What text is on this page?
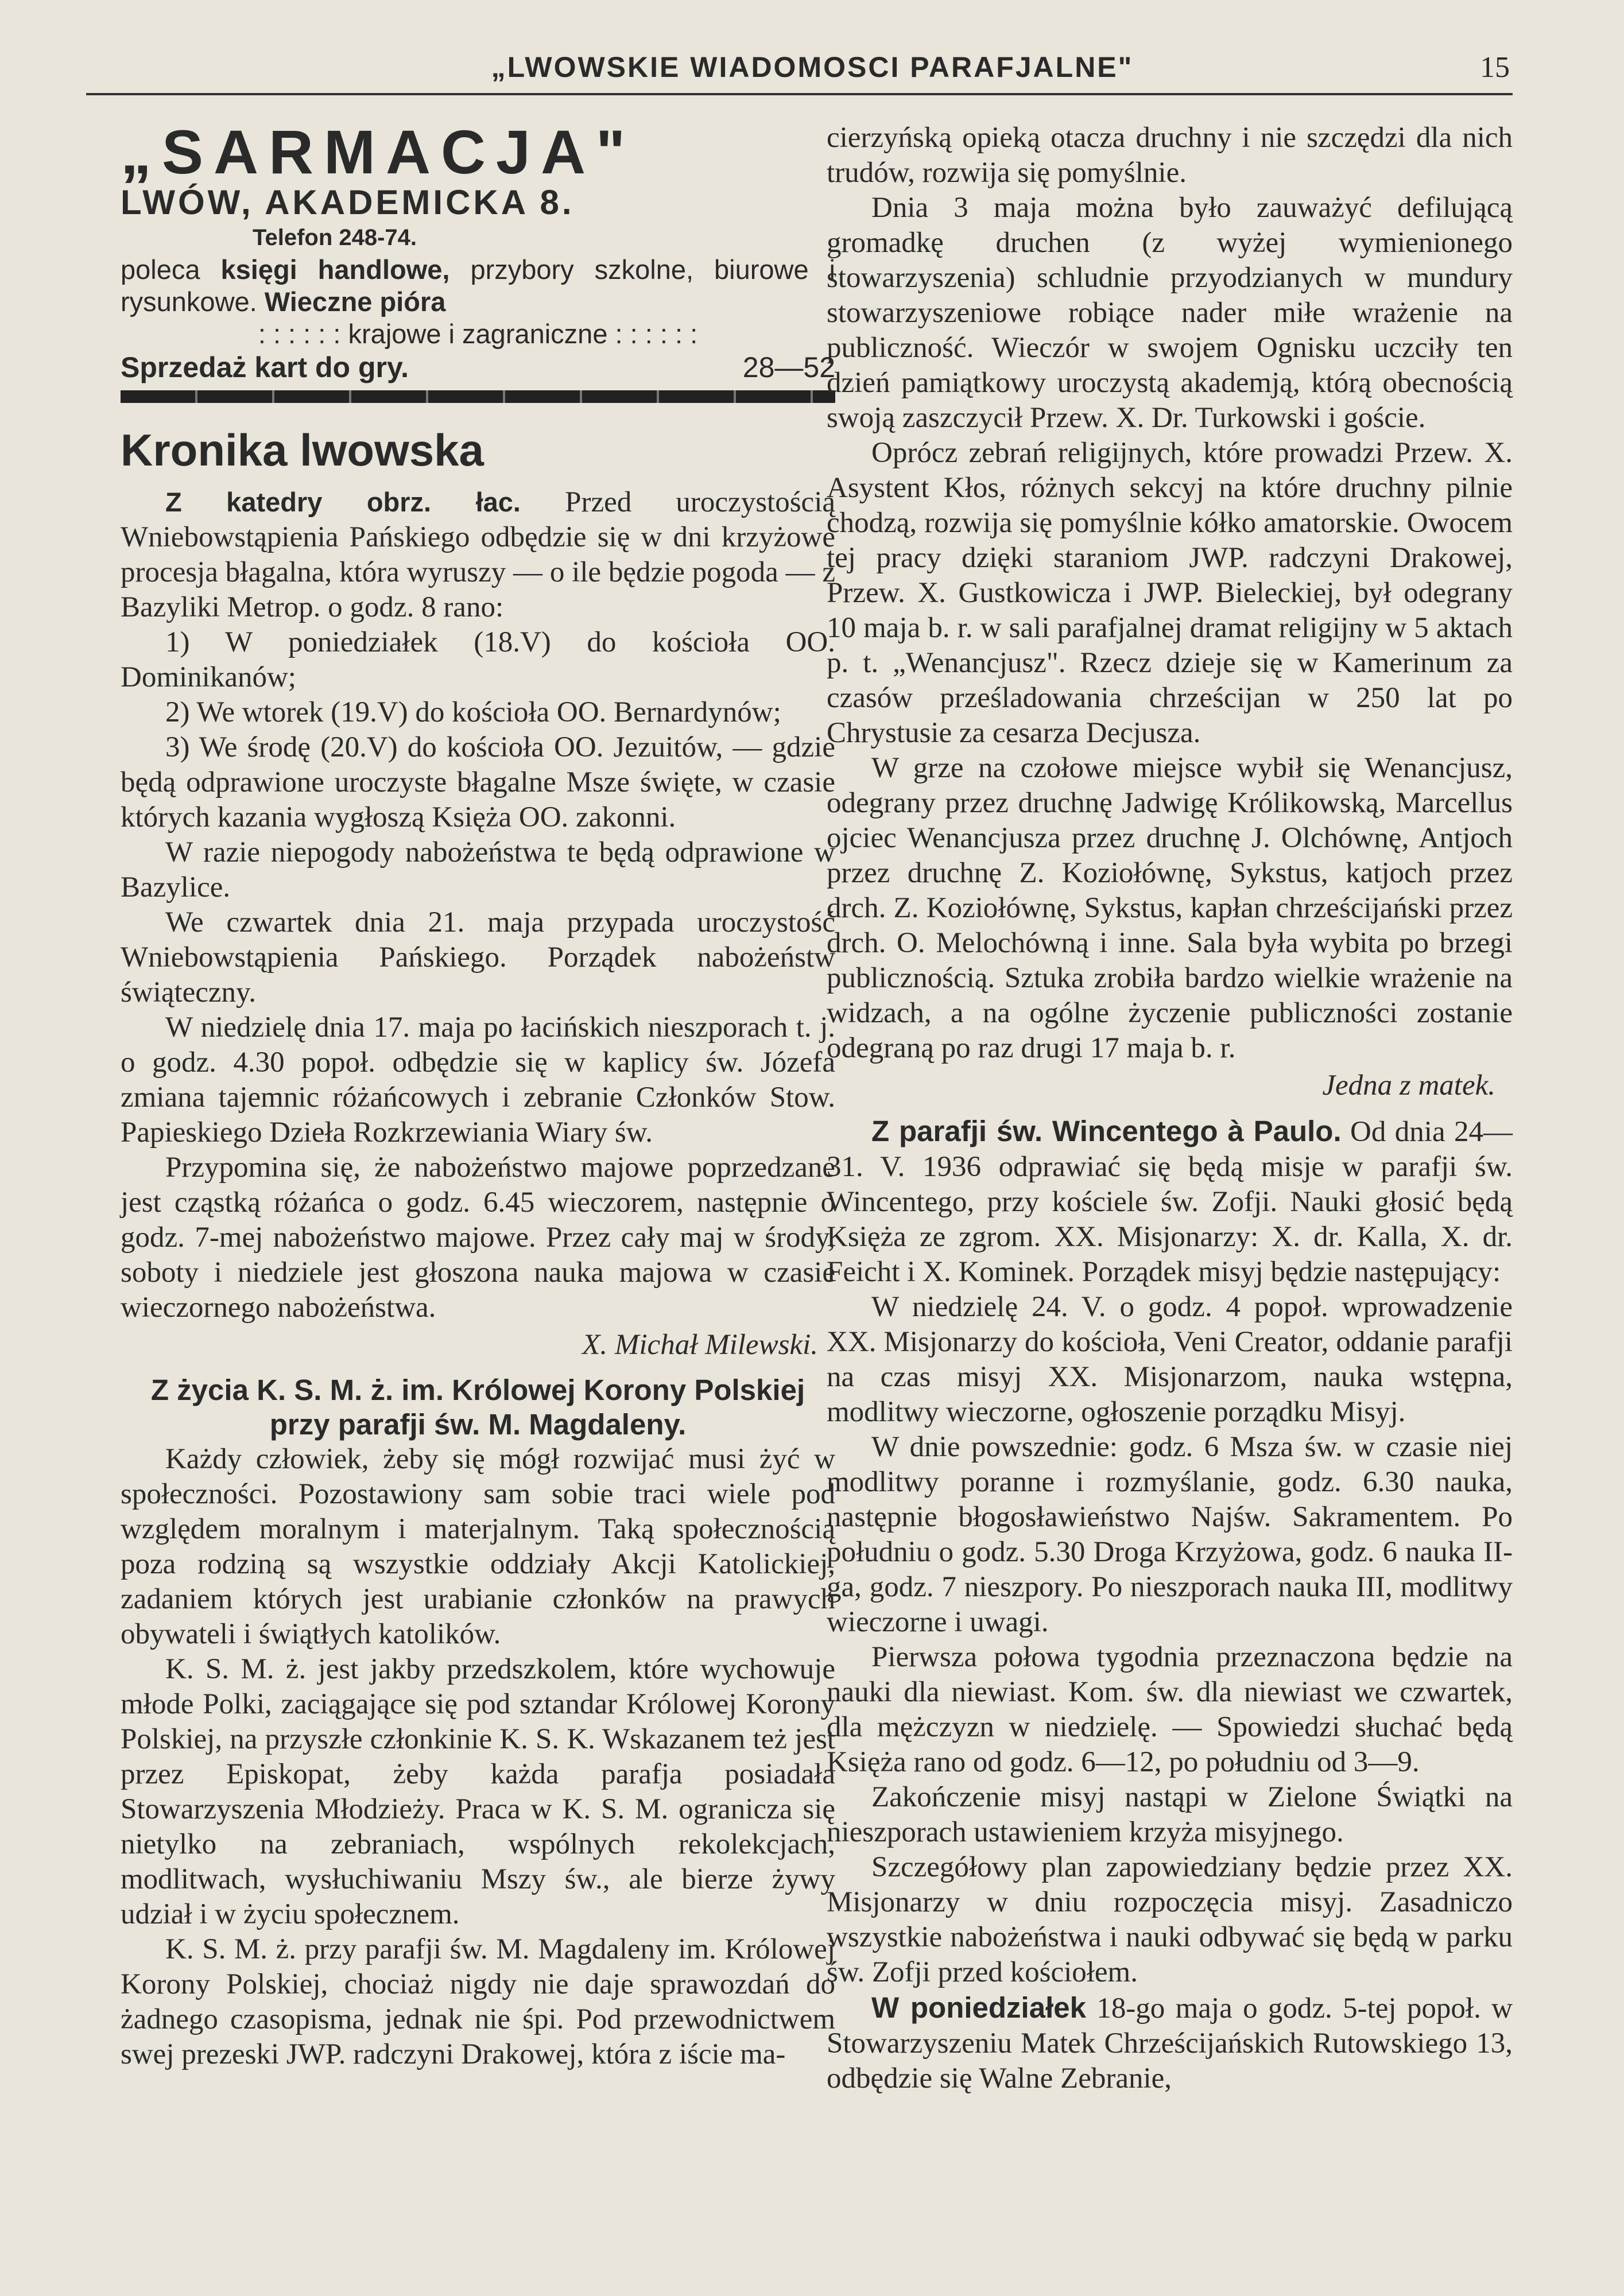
„LWOWSKIE WIADOMOSCI PARAFJALNE"	15
„SARMACJA"
LWÓW, AKADEMICKA 8.
Telefon 248-74.
poleca księgi handlowe, przybory szkolne, biurowe i rysunkowe. Wieczne pióra
: : : : : : krajowe i zagraniczne : : : : : :
Sprzedaż kart do gry.	28—52
Kronika lwowska

Z katedry obrz. łac. Przed uroczystością Wniebowstąpienia Pańskiego odbędzie się w dni krzyżowe procesja błagalna, która wyruszy — o ile będzie pogoda — z Bazyliki Metrop. o godz. 8 rano:

1) W poniedziałek (18.V) do kościoła OO. Dominikanów;

2) We wtorek (19.V) do kościoła OO. Bernardynów;

3) We środę (20.V) do kościoła OO. Jezuitów, — gdzie będą odprawione uroczyste błagalne Msze święte, w czasie których kazania wygłoszą Księża OO. zakonni.

W razie niepogody nabożeństwa te będą odprawione w Bazylice.

We czwartek dnia 21. maja przypada uroczystość Wniebowstąpienia Pańskiego. Porządek nabożeństw świąteczny.

W niedzielę dnia 17. maja po łacińskich nieszporach t. j. o godz. 4.30 popoł. odbędzie się w kaplicy św. Józefa zmiana tajemnic różańcowych i zebranie Członków Stow. Papieskiego Dzieła Rozkrzewiania Wiary św.

Przypomina się, że nabożeństwo majowe poprzedzane jest cząstką różańca o godz. 6.45 wieczorem, następnie o godz. 7-mej nabożeństwo majowe. Przez cały maj w środy, soboty i niedziele jest głoszona nauka majowa w czasie wieczornego nabożeństwa.

X. Michał Milewski.
Z życia K. S. M. ż. im. Królowej Korony Polskiej przy parafji św. M. Magdaleny.

Każdy człowiek, żeby się mógł rozwijać musi żyć w społeczności. Pozostawiony sam sobie traci wiele pod względem moralnym i materjalnym. Taką społecznością poza rodziną są wszystkie oddziały Akcji Katolickiej, zadaniem których jest urabianie członków na prawych obywateli i świątłych katolików.

K. S. M. ż. jest jakby przedszkolem, które wychowuje młode Polki, zaciągające się pod sztandar Królowej Korony Polskiej, na przyszłe członkinie K. S. K. Wskazanem też jest przez Episkopat, żeby każda parafja posiadała Stowarzyszenia Młodzieży. Praca w K. S. M. ogranicza się nietylko na zebraniach, wspólnych rekolekcjach, modlitwach, wysłuchiwaniu Mszy św., ale bierze żywy udział i w życiu społecznem.

K. S. M. ż. przy parafji św. M. Magdaleny im. Królowej Korony Polskiej, chociaż nigdy nie daje sprawozdań do żadnego czasopisma, jednak nie śpi. Pod przewodnictwem swej prezeski JWP. radczyni Drakowej, która z iście ma-

cierzyńską opieką otacza druchny i nie szczędzi dla nich trudów, rozwija się pomyślnie.

Dnia 3 maja można było zauważyć defilującą gromadkę druchen (z wyżej wymienionego stowarzyszenia) schludnie przyodzianych w mundury stowarzyszeniowe robiące nader miłe wrażenie na publiczność. Wieczór w swojem Ognisku uczciły ten dzień pamiątkowy uroczystą akademją, którą obecnością swoją zaszczycił Przew. X. Dr. Turkowski i goście.

Oprócz zebrań religijnych, które prowadzi Przew. X. Asystent Kłos, różnych sekcyj na które druchny pilnie chodzą, rozwija się pomyślnie kółko amatorskie. Owocem tej pracy dzięki staraniom JWP. radczyni Drakowej, Przew. X. Gustkowicza i JWP. Bieleckiej, był odegrany 10 maja b. r. w sali parafjalnej dramat religijny w 5 aktach p. t. „Wenancjusz". Rzecz dzieje się w Kamerinum za czasów prześladowania chrześcijan w 250 lat po Chrystusie za cesarza Decjusza.

W grze na czołowe miejsce wybił się Wenancjusz, odegrany przez druchnę Jadwigę Królikowską, Marcellus ojciec Wenancjusza przez druchnę J. Olchównę, Antjoch przez druchnę Z. Koziołównę, Sykstus, katjoch przez drch. Z. Koziołównę, Sykstus, kapłan chrześcijański przez drch. O. Melochówną i inne. Sala była wybita po brzegi publicznością. Sztuka zrobiła bardzo wielkie wrażenie na widzach, a na ogólne życzenie publiczności zostanie odegraną po raz drugi 17 maja b. r.

Jedna z matek.

Z parafji św. Wincentego à Paulo. Od dnia 24—31. V. 1936 odprawiać się będą misje w parafji św. Wincentego, przy kościele św. Zofji. Nauki głosić będą Księża ze zgrom. XX. Misjonarzy: X. dr. Kalla, X. dr. Feicht i X. Kominek. Porządek misyj będzie następujący:

W niedzielę 24. V. o godz. 4 popoł. wprowadzenie XX. Misjonarzy do kościoła, Veni Creator, oddanie parafji na czas misyj XX. Misjonarzom, nauka wstępna, modlitwy wieczorne, ogłoszenie porządku Misyj.

W dnie powszednie: godz. 6 Msza św. w czasie niej modlitwy poranne i rozmyślanie, godz. 6.30 nauka, następnie błogosławieństwo Najśw. Sakramentem. Po południu o godz. 5.30 Droga Krzyżowa, godz. 6 nauka II-ga, godz. 7 nieszpory. Po nieszporach nauka III, modlitwy wieczorne i uwagi.

Pierwsza połowa tygodnia przeznaczona będzie na nauki dla niewiast. Kom. św. dla niewiast we czwartek, dla mężczyzn w niedzielę. — Spowiedzi słuchać będą Księża rano od godz. 6—12, po południu od 3—9.

Zakończenie misyj nastąpi w Zielone Świątki na nieszporach ustawieniem krzyża misyjnego.

Szczegółowy plan zapowiedziany będzie przez XX. Misjonarzy w dniu rozpoczęcia misyj. Zasadniczo wszystkie nabożeństwa i nauki odbywać się będą w parku św. Zofji przed kościołem.

W poniedziałek 18-go maja o godz. 5-tej popoł. w Stowarzyszeniu Matek Chrześcijańskich Rutowskiego 13, odbędzie się Walne Zebranie,
